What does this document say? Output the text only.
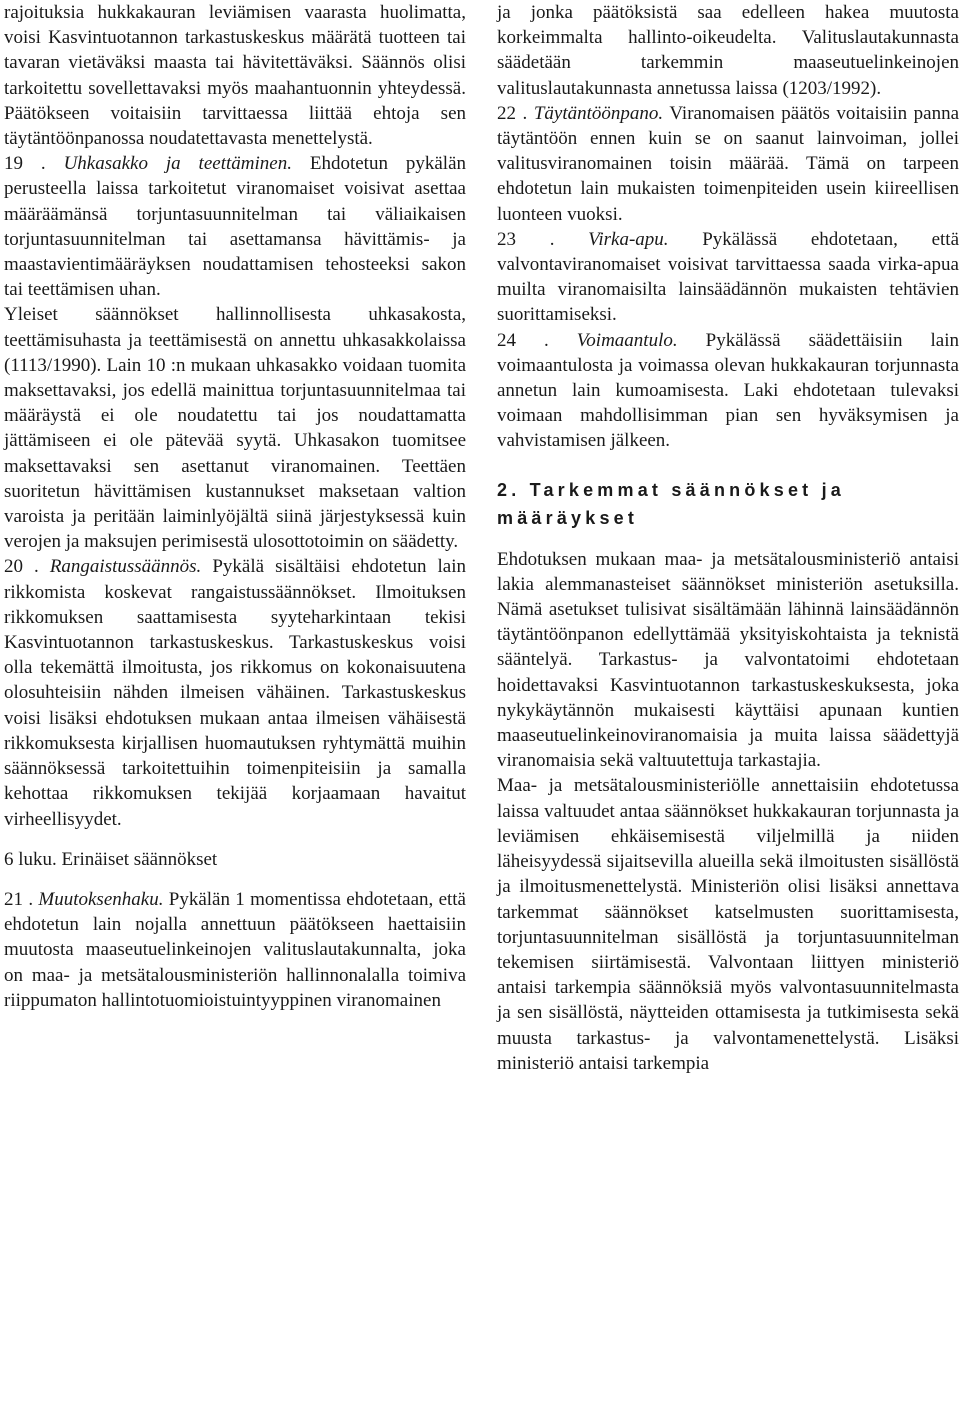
rajoituksia hukkakauran leviämisen vaarasta huolimatta, voisi Kasvintuotannon tarkastuskeskus määrätä tuotteen tai tavaran vietäväksi maasta tai hävitettäväksi. Säännös olisi tarkoitettu sovellettavaksi myös maahantuonnin yhteydessä. Päätökseen voitaisiin tarvittaessa liittää ehtoja sen täytäntöönpanossa noudatettavasta menettelystä.

19 . Uhkasakko ja teettäminen. Ehdotetun pykälän perusteella laissa tarkoitetut viranomaiset voisivat asettaa määräämänsä torjuntasuunnitelman tai väliaikaisen torjuntasuunnitelman tai asettamansa hävittämis- ja maastavientimääräyksen noudattamisen tehosteeksi sakon tai teettämisen uhan.

Yleiset säännökset hallinnollisesta uhkasakosta, teettämisuhasta ja teettämisestä on annettu uhkasakkolaissa (1113/1990). Lain 10 :n mukaan uhkasakko voidaan tuomita maksettavaksi, jos edellä mainittua torjuntasuunnitelmaa tai määräystä ei ole noudatettu tai jos noudattamatta jättämiseen ei ole pätevää syytä. Uhkasakon tuomitsee maksettavaksi sen asettanut viranomainen. Teettäen suoritetun hävittämisen kustannukset maksetaan valtion varoista ja peritään laiminlyöjältä siinä järjestyksessä kuin verojen ja maksujen perimisestä ulosottotoimin on säädetty.

20 . Rangaistussäännös. Pykälä sisältäisi ehdotetun lain rikkomista koskevat rangaistussäännökset. Ilmoituksen rikkomuksen saattamisesta syyteharkintaan tekisi Kasvintuotannon tarkastuskeskus. Tarkastuskeskus voisi olla tekemättä ilmoitusta, jos rikkomus on kokonaisuutena olosuhteisiin nähden ilmeisen vähäinen. Tarkastuskeskus voisi lisäksi ehdotuksen mukaan antaa ilmeisen vähäisestä rikkomuksesta kirjallisen huomautuksen ryhtymättä muihin säännöksessä tarkoitettuihin toimenpiteisiin ja samalla kehottaa rikkomuksen tekijää korjaamaan havaitut virheellisyydet.

6 luku. Erinäiset säännökset

21 . Muutoksenhaku. Pykälän 1 momentissa ehdotetaan, että ehdotetun lain nojalla annettuun päätökseen haettaisiin muutosta maaseutuelinkeinojen valituslautakunnalta, joka on maa- ja metsätalousministeriön hallinnonalalla toimiva riippumaton hallintotuomioistuintyyppinen viranomainen

ja jonka päätöksistä saa edelleen hakea muutosta korkeimmalta hallinto-oikeudelta. Valituslautakunnasta säädetään tarkemmin maaseutuelinkeinojen valituslautakunnasta annetussa laissa (1203/1992).

22 . Täytäntöönpano. Viranomaisen päätös voitaisiin panna täytäntöön ennen kuin se on saanut lainvoiman, jollei valitusviranomainen toisin määrää. Tämä on tarpeen ehdotetun lain mukaisten toimenpiteiden usein kiireellisen luonteen vuoksi.

23 . Virka-apu. Pykälässä ehdotetaan, että valvontaviranomaiset voisivat tarvittaessa saada virka-apua muilta viranomaisilta lainsäädännön mukaisten tehtävien suorittamiseksi.

24 . Voimaantulo. Pykälässä säädettäisiin lain voimaantulosta ja voimassa olevan hukkakauran torjunnasta annetun lain kumoamisesta. Laki ehdotetaan tulevaksi voimaan mahdollisimman pian sen hyväksymisen ja vahvistamisen jälkeen.

2. Tarkemmat säännökset ja määräykset

Ehdotuksen mukaan maa- ja metsätalousministeriö antaisi lakia alemmanasteiset säännökset ministeriön asetuksilla. Nämä asetukset tulisivat sisältämään lähinnä lainsäädännön täytäntöönpanon edellyttämää yksityiskohtaista ja teknistä sääntelyä. Tarkastus- ja valvontatoimi ehdotetaan hoidettavaksi Kasvintuotannon tarkastuskeskuksesta, joka nykykäytännön mukaisesti käyttäisi apunaan kuntien maaseutuelinkeinoviranomaisia ja muita laissa säädettyjä viranomaisia sekä valtuutettuja tarkastajia.

Maa- ja metsätalousministeriölle annettaisiin ehdotetussa laissa valtuudet antaa säännökset hukkakauran torjunnasta ja leviämisen ehkäisemisestä viljelmillä ja niiden läheisyydessä sijaitsevilla alueilla sekä ilmoitusten sisällöstä ja ilmoitusmenettelystä. Ministeriön olisi lisäksi annettava tarkemmat säännökset katselmusten suorittamisesta, torjuntasuunnitelman sisällöstä ja torjuntasuunnitelman tekemisen siirtämisestä. Valvontaan liittyen ministeriö antaisi tarkempia säännöksiä myös valvontasuunnitelmasta ja sen sisällöstä, näytteiden ottamisesta ja tutkimisesta sekä muusta tarkastus- ja valvontamenettelystä. Lisäksi ministeriö antaisi tarkempia
